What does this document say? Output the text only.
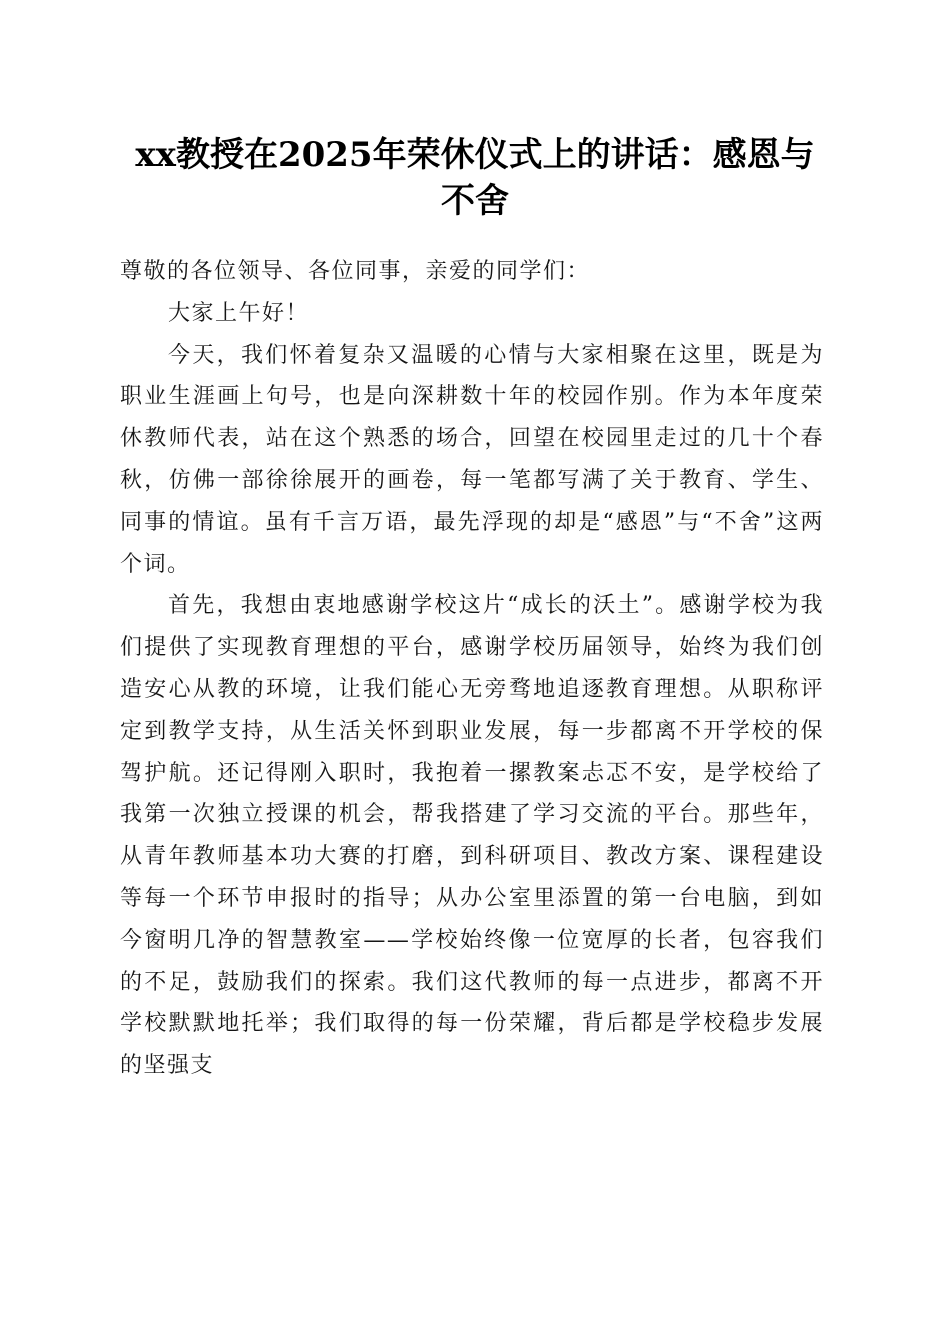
xx教授在2025年荣休仪式上的讲话：感恩与
不舍

尊敬的各位领导、各位同事，亲爱的同学们：

大家上午好！

今天，我们怀着复杂又温暖的心情与大家相聚在这里，既是为职业生涯画上句号，也是向深耕数十年的校园作别。作为本年度荣休教师代表，站在这个熟悉的场合，回望在校园里走过的几十个春秋，仿佛一部徐徐展开的画卷，每一笔都写满了关于教育、学生、同事的情谊。虽有千言万语，最先浮现的却是“感恩”与“不舍”这两个词。

首先，我想由衷地感谢学校这片“成长的沃土”。感谢学校为我们提供了实现教育理想的平台，感谢学校历届领导，始终为我们创造安心从教的环境，让我们能心无旁骛地追逐教育理想。从职称评定到教学支持，从生活关怀到职业发展，每一步都离不开学校的保驾护航。还记得刚入职时，我抱着一摞教案忐忑不安，是学校给了我第一次独立授课的机会，帮我搭建了学习交流的平台。那些年，从青年教师基本功大赛的打磨，到科研项目、教改方案、课程建设等每一个环节申报时的指导；从办公室里添置的第一台电脑，到如今窗明几净的智慧教室——学校始终像一位宽厚的长者，包容我们的不足，鼓励我们的探索。我们这代教师的每一点进步，都离不开学校默默地托举；我们取得的每一份荣耀，背后都是学校稳步发展的坚强支
